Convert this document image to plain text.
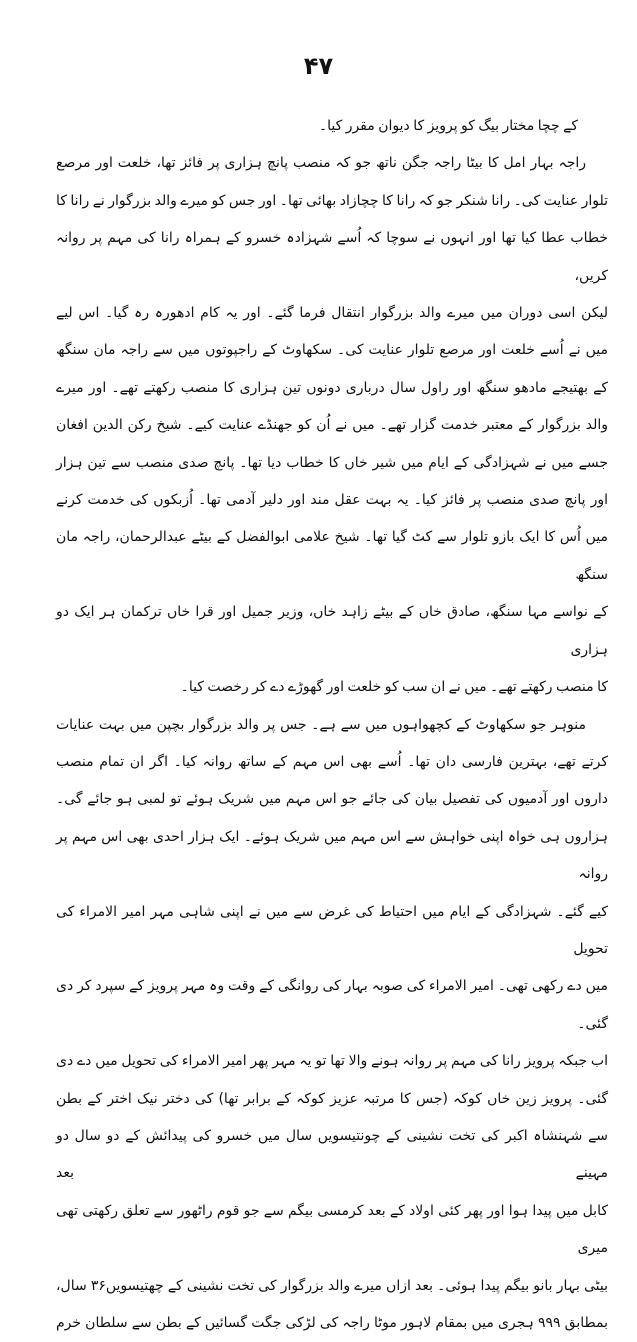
۴۷
کے چچا مختار بیگ کو پرویز کا دیوان مقرر کیا۔
راجہ بہار امل کا بیٹا راجہ جگن ناتھ جو کہ منصب پانچ ہزاری پر فائز تھا، خلعت اور مرصع
تلوار عنایت کی۔ رانا شنکر جو کہ رانا کا چچازاد بھائی تھا۔ اور جس کو میرے والد بزرگوار نے رانا کا
خطاب عطا کیا تھا اور انہوں نے سوچا کہ اُسے شہزادہ خسرو کے ہمراہ رانا کی مہم پر روانہ کریں،
لیکن اسی دوران میں میرے والد بزرگوار انتقال فرما گئے۔ اور یہ کام ادھورہ رہ گیا۔ اس لیے
میں نے اُسے خلعت اور مرصع تلوار عنایت کی۔ سکھاوٹ کے راجپوتوں میں سے راجہ مان سنگھ
کے بھتیجے مادھو سنگھ اور راول سال درباری دونوں تین ہزاری کا منصب رکھتے تھے۔ اور میرے
والد بزرگوار کے معتبر خدمت گزار تھے۔ میں نے اُن کو جھنڈے عنایت کیے۔ شیخ رکن الدین افغان
جسے میں نے شہزادگی کے ایام میں شیر خاں کا خطاب دیا تھا۔ پانچ صدی منصب سے تین ہزار
اور پانچ صدی منصب پر فائز کیا۔ یہ بہت عقل مند اور دلیر آدمی تھا۔ اُزبکوں کی خدمت کرنے
میں اُس کا ایک بازو تلوار سے کٹ گیا تھا۔ شیخ علامی ابوالفضل کے بیٹے عبدالرحمان، راجہ مان سنگھ
کے نواسے مہا سنگھ، صادق خاں کے بیٹے زاہد خاں، وزیر جمیل اور قرا خاں ترکمان ہر ایک دو ہزاری
کا منصب رکھتے تھے۔ میں نے ان سب کو خلعت اور گھوڑے دے کر رخصت کیا۔
منوہر جو سکھاوٹ کے کچھواہوں میں سے ہے۔ جس پر والد بزرگوار بچپن میں بہت عنایات
کرتے تھے، بہترین فارسی دان تھا۔ اُسے بھی اس مہم کے ساتھ روانہ کیا۔ اگر ان تمام منصب
داروں اور آدمیوں کی تفصیل بیان کی جائے جو اس مہم میں شریک ہوئے تو لمبی ہو جائے گی۔
ہزاروں ہی خواہ اپنی خواہش سے اس مہم میں شریک ہوئے۔ ایک ہزار احدی بھی اس مہم پر روانہ
کیے گئے۔ شہزادگی کے ایام میں احتیاط کی غرض سے میں نے اپنی شاہی مہر امیر الامراء کی تحویل
میں دے رکھی تھی۔ امیر الامراء کی صوبہ بہار کی روانگی کے وقت وہ مہر پرویز کے سپرد کر دی گئی۔
اب جبکہ پرویز رانا کی مہم پر روانہ ہونے والا تھا تو یہ مہر پھر امیر الامراء کی تحویل میں دے دی
گئی۔ پرویز زین خاں کوکہ (جس کا مرتبہ عزیز کوکہ کے برابر تھا) کی دختر نیک اختر کے بطن
سے شہنشاہ اکبر کی تخت نشینی کے چونتیسویں سال میں خسرو کی پیدائش کے دو سال دو مہینے بعد
کابل میں پیدا ہوا اور پھر کئی اولاد کے بعد کرمسی بیگم سے جو قوم راٹھور سے تعلق رکھتی تھی میری
بیٹی بہار بانو بیگم پیدا ہوئی۔ بعد ازاں میرے والد بزرگوار کی تخت نشینی کے چھتیسویں۳۶ سال،
بمطابق ۹۹۹ ہجری میں بمقام لاہور موٹا راجہ کی لڑکی جگت گسائیں کے بطن سے سلطان خرم
